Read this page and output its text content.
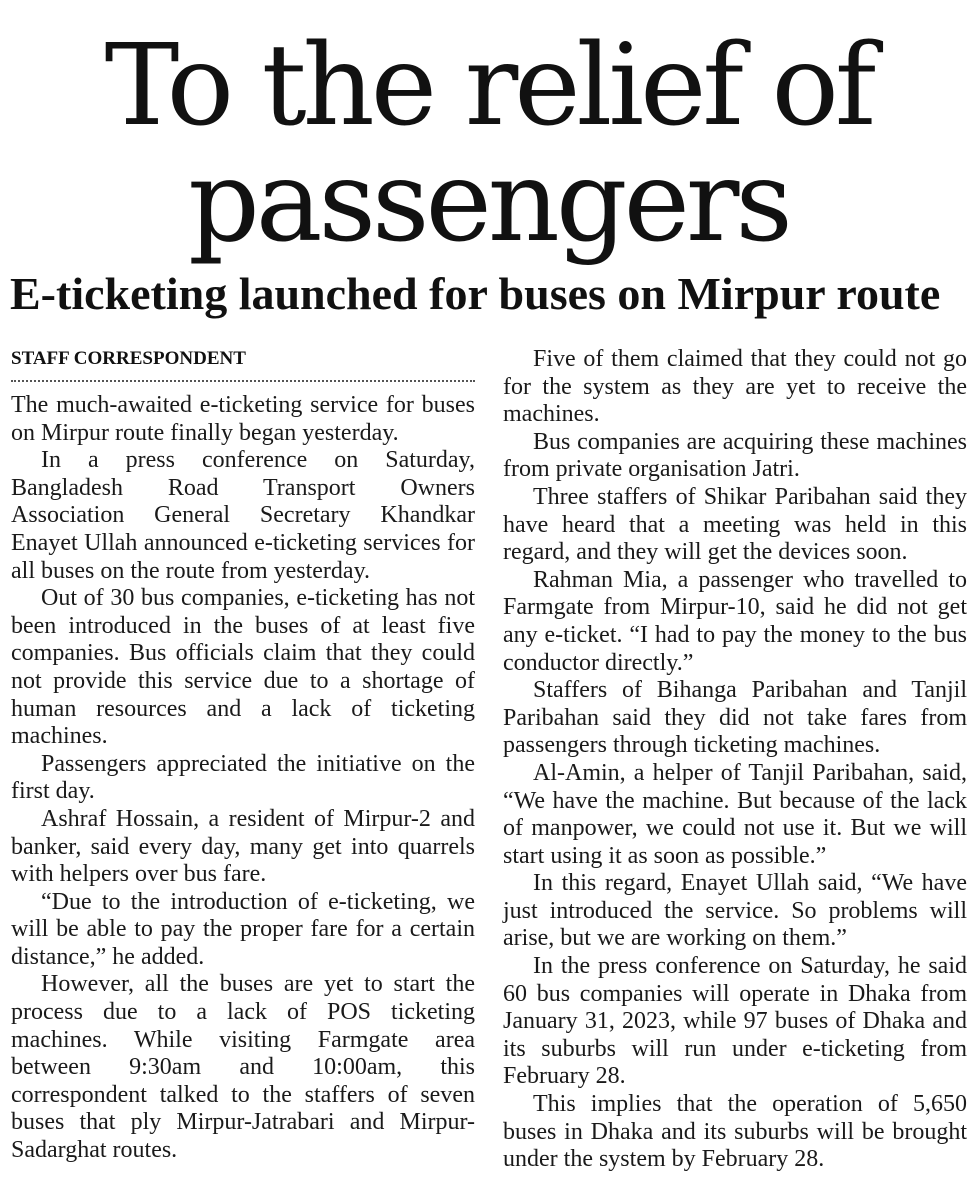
To the relief of passengers
E-ticketing launched for buses on Mirpur route
STAFF CORRESPONDENT

The much-awaited e-ticketing service for buses on Mirpur route finally began yesterday.

In a press conference on Saturday, Bangladesh Road Transport Owners Association General Secretary Khandkar Enayet Ullah announced e-ticketing services for all buses on the route from yesterday.

Out of 30 bus companies, e-ticketing has not been introduced in the buses of at least five companies. Bus officials claim that they could not provide this service due to a shortage of human resources and a lack of ticketing machines.

Passengers appreciated the initiative on the first day.

Ashraf Hossain, a resident of Mirpur-2 and banker, said every day, many get into quarrels with helpers over bus fare.

“Due to the introduction of e-ticketing, we will be able to pay the proper fare for a certain distance,” he added.

However, all the buses are yet to start the process due to a lack of POS ticketing machines. While visiting Farmgate area between 9:30am and 10:00am, this correspondent talked to the staffers of seven buses that ply Mirpur-Jatrabari and Mirpur-Sadarghat routes.

Five of them claimed that they could not go for the system as they are yet to receive the machines.

Bus companies are acquiring these machines from private organisation Jatri.

Three staffers of Shikar Paribahan said they have heard that a meeting was held in this regard, and they will get the devices soon.

Rahman Mia, a passenger who travelled to Farmgate from Mirpur-10, said he did not get any e-ticket. “I had to pay the money to the bus conductor directly.”

Staffers of Bihanga Paribahan and Tanjil Paribahan said they did not take fares from passengers through ticketing machines.

Al-Amin, a helper of Tanjil Paribahan, said, “We have the machine. But because of the lack of manpower, we could not use it. But we will start using it as soon as possible.”

In this regard, Enayet Ullah said, “We have just introduced the service. So problems will arise, but we are working on them.”

In the press conference on Saturday, he said 60 bus companies will operate in Dhaka from January 31, 2023, while 97 buses of Dhaka and its suburbs will run under e-ticketing from February 28.

This implies that the operation of 5,650 buses in Dhaka and its suburbs will be brought under the system by February 28.
